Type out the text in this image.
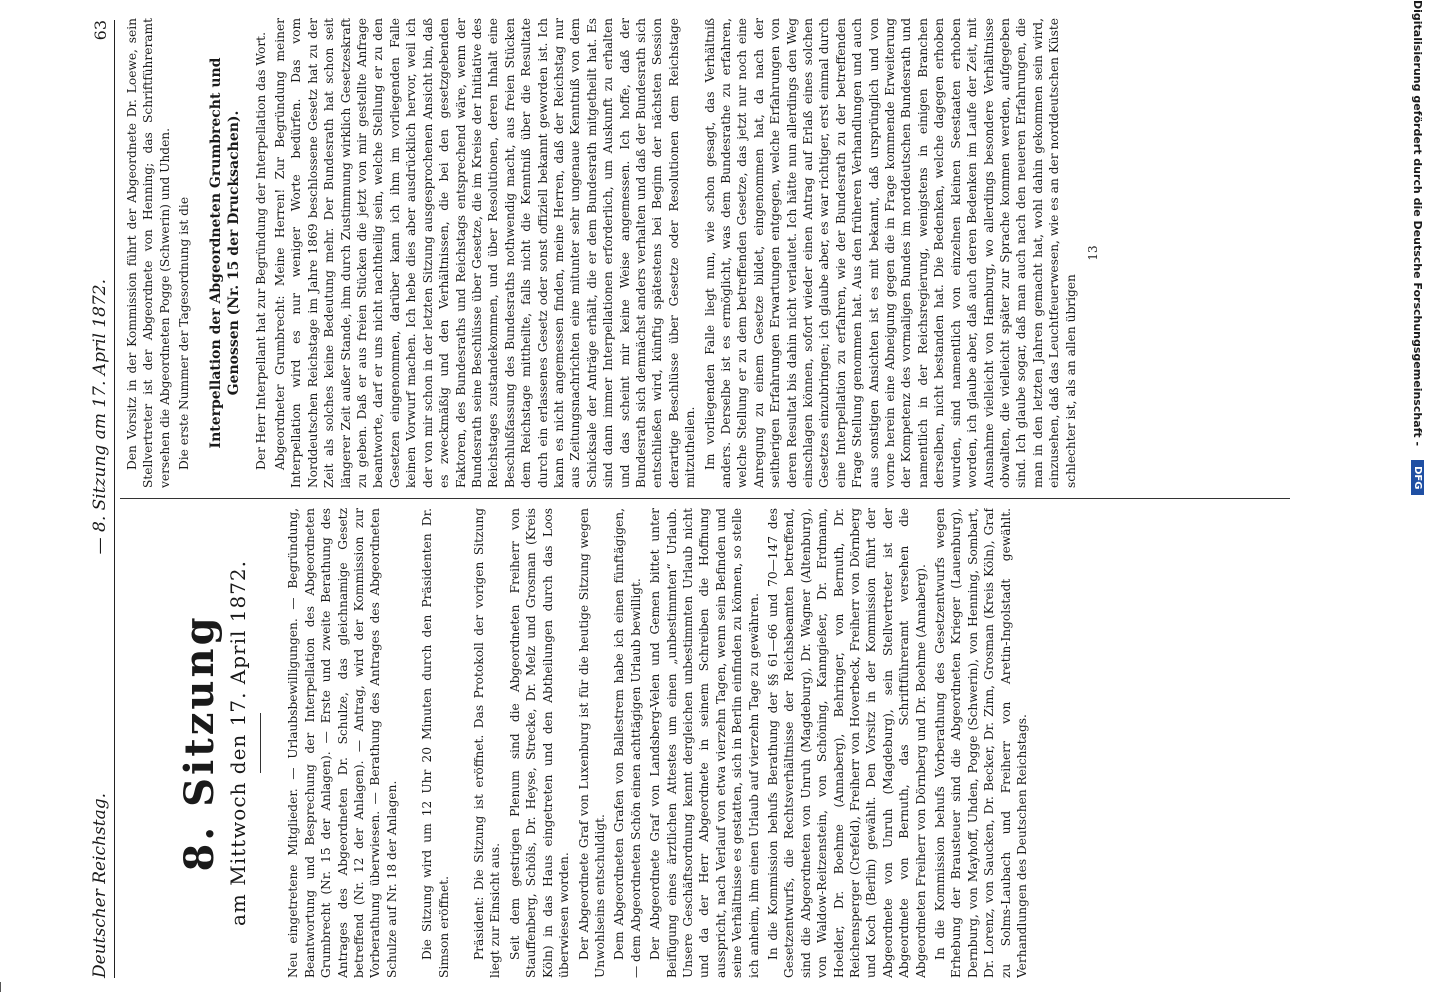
Deutscher Reichstag.
— 8. Sitzung am 17. April 1872.
63
8. Sitzung am Mittwoch den 17. April 1872.	Neu eingetretene Mitglieder. — Urlaubsbewilligungen. — Begründung, Beantwortung und Besprechung der Interpellation des Abgeordneten Grumbrecht (Nr. 15 der Anlagen). — Erste und zweite Berathung des Antrages des Abgeordneten Dr. Schulze, das gleichnamige Gesetz betreffend (Nr. 12 der Anlagen). — Antrag, wird der Kommission zur Vorberathung überwiesen. — Berathung des Antrages des Abgeordneten Schulze auf Nr. 18 der Anlagen. Die Sitzung wird um 12 Uhr 20 Minuten durch den Präsidenten Dr. Simson eröffnet. Präsident: Die Sitzung ist eröffnet. Das Protokoll der vorigen Sitzung liegt zur Einsicht aus. Seit dem gestrigen Plenum sind die Abgeordneten Freiherr von Stauffenberg, Schöls, Dr. Heyse, Strecke, Dr. Melz und Grosman (Kreis Köln) in das Haus eingetreten und den Abtheilungen durch das Loos überwiesen worden. Der Abgeordnete Graf von Luxenburg ist für die heutige Sitzung wegen Unwohlseins entschuldigt. Dem Abgeordneten Grafen von Ballestrem habe ich einen fünftägigen, — dem Abgeordneten Schön einen achttägigen Urlaub bewilligt. Der Abgeordnete Graf von Landsberg-Velen und Gemen bittet unter Beifügung eines ärztlichen Attestes um einen „unbestimmten“ Urlaub. Unsere Geschäftsordnung kennt dergleichen unbestimmten Urlaub nicht und da der Herr Abgeordnete in seinem Schreiben die Hoffnung ausspricht, nach Verlauf von etwa vierzehn Tagen, wenn sein Befinden und seine Verhältnisse es gestatten, sich in Berlin einfinden zu können, so stelle ich anheim, ihm einen Urlaub auf vierzehn Tage zu gewähren. In die Kommission behufs Berathung der §§ 61—66 und 70—147 des Gesetzentwurfs, die Rechtsverhältnisse der Reichsbeamten betreffend, sind die Abgeordneten von Unruh (Magdeburg), Dr. Wagner (Altenburg), von Waldow-Reitzenstein, von Schöning, Kanngießer, Dr. Erdmann, Hoelder, Dr. Boehme (Annaberg), Behringer, von Bernuth, Dr. Reichensperger (Crefeld), Freiherr von Hoverbeck, Freiherr von Dörnberg und Koch (Berlin) gewählt. Den Vorsitz in der Kommission führt der Abgeordnete von Unruh (Magdeburg), sein Stellvertreter ist der Abgeordnete von Bernuth, das Schriftführeramt versehen die Abgeordneten Freiherr von Dörnberg und Dr. Boehme (Annaberg). In die Kommission behufs Vorberathung des Gesetzentwurfs wegen Erhebung der Brausteuer sind die Abgeordneten Krieger (Lauenburg), Dernburg, von Mayhoff, Uhden, Pogge (Schwerin), von Henning, Sombart, Dr. Lorenz, von Saucken, Dr. Becker, Dr. Zinn, Grosman (Kreis Köln), Graf zu Solms-Laubach und Freiherr von Aretin-Ingolstadt gewählt. Verhandlungen des Deutschen Reichstags.

Den Vorsitz in der Kommission führt der Abgeordnete Dr. Loewe, sein Stellvertreter ist der Abgeordnete von Henning; das Schriftführeramt versehen die Abgeordneten Pogge (Schwerin) und Uhden. Die erste Nummer der Tagesordnung ist die Interpellation der Abgeordneten Grumbrecht und Genossen (Nr. 15 der Drucksachen). Der Herr Interpellant hat zur Begründung der Interpellation das Wort. Abgeordneter Grumbrecht: Meine Herren! Zur Begründung meiner Interpellation wird es nur weniger Worte bedürfen. Das vom Norddeutschen Reichstage im Jahre 1869 beschlossene Gesetz hat zu der Zeit als solches keine Bedeutung mehr. Der Bundesrath hat schon seit längerer Zeit außer Stande, ihm durch Zustimmung wirklich Gesetzeskraft zu geben. Daß er aus freien Stücken die jetzt von mir gestellte Anfrage beantworte, darf er uns nicht nachtheilig sein, welche Stellung er zu den Gesetzen eingenommen, darüber kann ich ihm im vorliegenden Falle keinen Vorwurf machen. Ich hebe dies aber ausdrücklich hervor, weil ich der von mir schon in der letzten Sitzung ausgesprochenen Ansicht bin, daß es zweckmäßig und den Verhältnissen, die bei den gesetzgebenden Faktoren, des Bundesraths und Reichstags entsprechend wäre, wenn der Bundesrath seine Beschlüsse über Gesetze, die im Kreise der Initiative des Reichstages zustandekommen, und über Resolutionen, deren Inhalt eine Beschlußfassung des Bundesraths nothwendig macht, aus freien Stücken dem Reichstage mittheilte, falls nicht die Kenntniß über die Resultate durch ein erlassenes Gesetz oder sonst offiziell bekannt geworden ist. Ich kann es nicht angemessen finden, meine Herren, daß der Reichstag nur aus Zeitungsnachrichten eine mitunter sehr ungenaue Kenntniß von dem Schicksale der Anträge erhält, die er dem Bundesrath mitgetheilt hat. Es sind dann immer Interpellationen erforderlich, um Auskunft zu erhalten und das scheint mir keine Weise angemessen. Ich hoffe, daß der Bundesrath sich demnächst anders verhalten und daß der Bundesrath sich entschließen wird, künftig spätestens bei Beginn der nächsten Session derartige Beschlüsse über Gesetze oder Resolutionen dem Reichstage mitzutheilen. Im vorliegenden Falle liegt nun, wie schon gesagt, das Verhältniß anders. Derselbe ist es ermöglicht, was dem Bundesrathe zu erfahren, welche Stellung er zu dem betreffenden Gesetze, das jetzt nur noch eine Anregung zu einem Gesetze bildet, eingenommen hat, da nach der seitherigen Erfahrungen Erwartungen entgegen, welche Erfahrungen von deren Resultat bis dahin nicht verlautet. Ich hätte nun allerdings den Weg einschlagen können, sofort wieder einen Antrag auf Erlaß eines solchen Gesetzes einzubringen; ich glaube aber, es war richtiger, erst einmal durch eine Interpellation zu erfahren, wie der Bundesrath zu der betreffenden Frage Stellung genommen hat. Aus den früheren Verhandlungen und auch aus sonstigen Ansichten ist es mit bekannt, daß ursprünglich und von vorne herein eine Abneigung gegen die in Frage kommende Erweiterung der Kompetenz des vormaligen Bundes im norddeutschen Bundesrath und namentlich in der Reichsregierung, wenigstens in einigen Branchen derselben, nicht bestanden hat. Die Bedenken, welche dagegen erhoben wurden, sind namentlich von einzelnen kleinen Seestaaten erhoben worden, ich glaube aber, daß auch deren Bedenken im Laufe der Zeit, mit Ausnahme vielleicht von Hamburg, wo allerdings besondere Verhältnisse obwalten, die vielleicht später zur Sprache kommen werden, aufgegeben sind. Ich glaube sogar, daß man auch nach den neueren Erfahrungen, die man in den letzten Jahren gemacht hat, wohl dahin gekommen sein wird, einzusehen, daß das Leuchtfeuerwesen, wie es an der norddeutschen Küste schlechter ist, als an allen übrigen

13	Digitalisierung gefördert durch die Deutsche Forschungsgemeinschaft -
DFG
